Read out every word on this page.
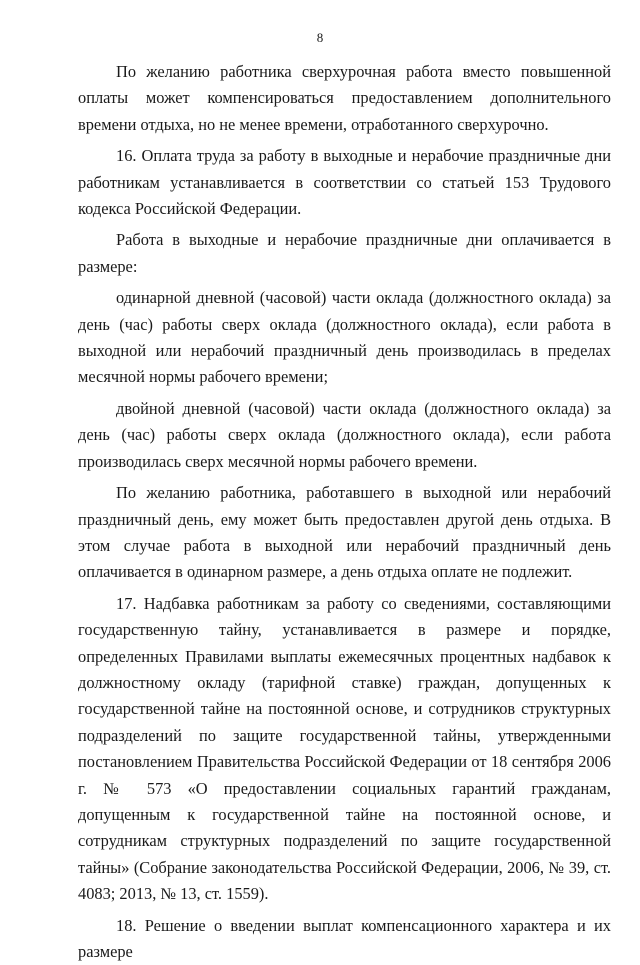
8

По желанию работника сверхурочная работа вместо повышенной оплаты может компенсироваться предоставлением дополнительного времени отдыха, но не менее времени, отработанного сверхурочно.

16. Оплата труда за работу в выходные и нерабочие праздничные дни работникам устанавливается в соответствии со статьей 153 Трудового кодекса Российской Федерации.

Работа в выходные и нерабочие праздничные дни оплачивается в размере:

одинарной дневной (часовой) части оклада (должностного оклада) за день (час) работы сверх оклада (должностного оклада), если работа в выходной или нерабочий праздничный день производилась в пределах месячной нормы рабочего времени;

двойной дневной (часовой) части оклада (должностного оклада) за день (час) работы сверх оклада (должностного оклада), если работа производилась сверх месячной нормы рабочего времени.

По желанию работника, работавшего в выходной или нерабочий праздничный день, ему может быть предоставлен другой день отдыха. В этом случае работа в выходной или нерабочий праздничный день оплачивается в одинарном размере, а день отдыха оплате не подлежит.

17. Надбавка работникам за работу со сведениями, составляющими государственную тайну, устанавливается в размере и порядке, определенных Правилами выплаты ежемесячных процентных надбавок к должностному окладу (тарифной ставке) граждан, допущенных к государственной тайне на постоянной основе, и сотрудников структурных подразделений по защите государственной тайны, утвержденными постановлением Правительства Российской Федерации от 18 сентября 2006 г. № 573 «О предоставлении социальных гарантий гражданам, допущенным к государственной тайне на постоянной основе, и сотрудникам структурных подразделений по защите государственной тайны» (Собрание законодательства Российской Федерации, 2006, № 39, ст. 4083; 2013, № 13, ст. 1559).

18. Решение о введении выплат компенсационного характера и их размере
